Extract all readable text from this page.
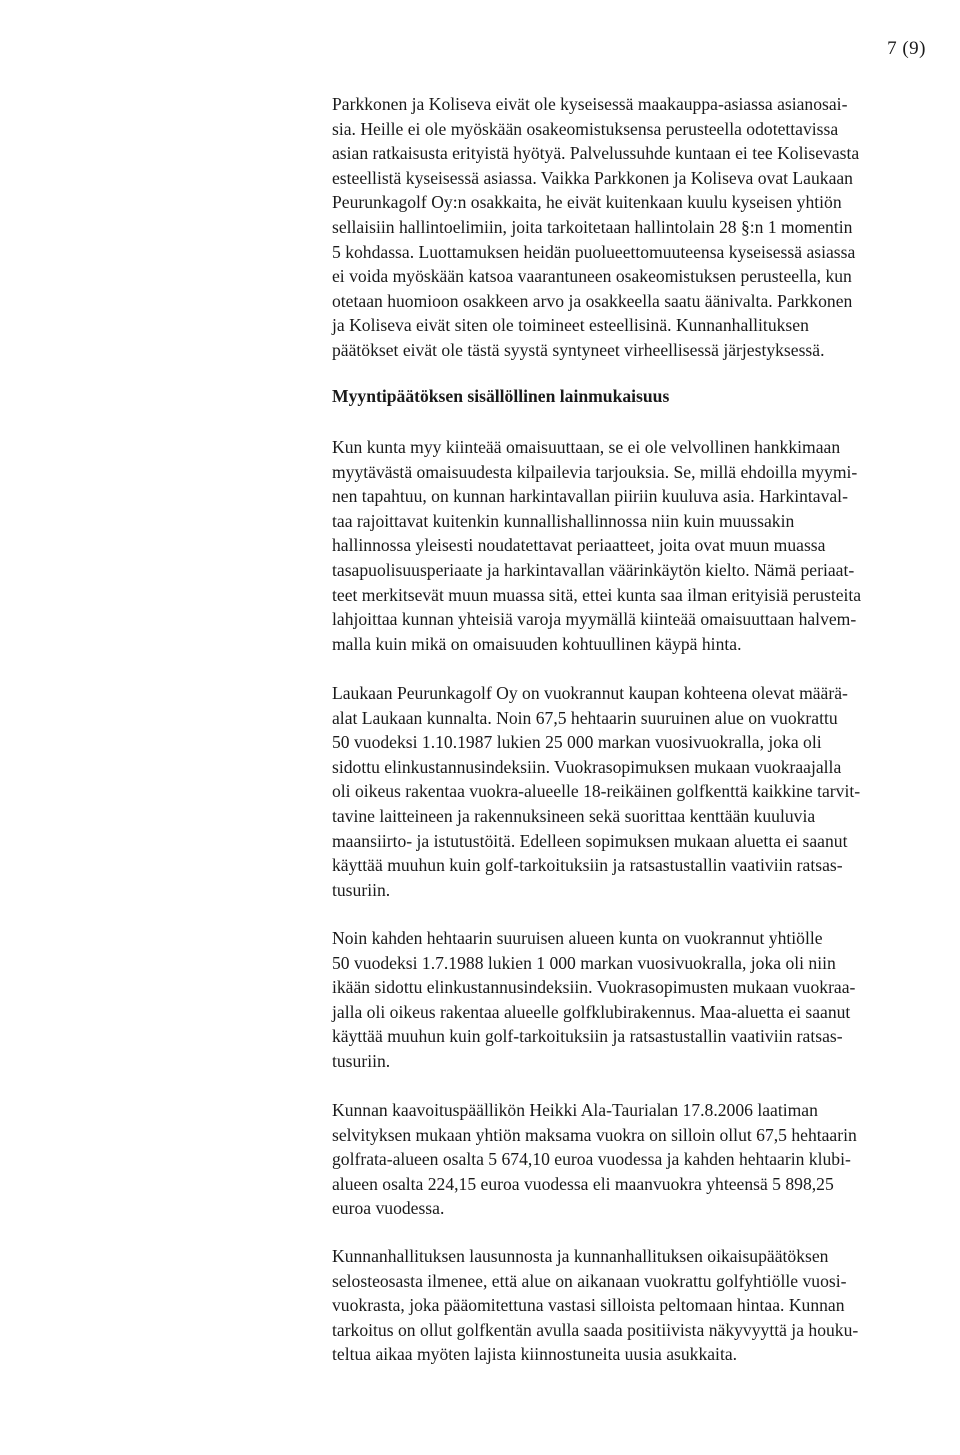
7 (9)

Parkkonen ja Koliseva eivät ole kyseisessä maakauppa-asiassa asianosai-
sia. Heille ei ole myöskään osakeomistuksensa perusteella odotettavissa
asian ratkaisusta erityistä hyötyä. Palvelussuhde kuntaan ei tee Kolisevasta
esteellistä kyseisessä asiassa. Vaikka Parkkonen ja Koliseva ovat Laukaan
Peurunkagolf Oy:n osakkaita, he eivät kuitenkaan kuulu kyseisen yhtiön
sellaisiin hallintoelimiin, joita tarkoitetaan hallintolain 28 §:n 1 momentin
5 kohdassa. Luottamuksen heidän puolueettomuuteensa kyseisessä asiassa
ei voida myöskään katsoa vaarantuneen osakeomistuksen perusteella, kun
otetaan huomioon osakkeen arvo ja osakkeella saatu äänivalta. Parkkonen
ja Koliseva eivät siten ole toimineet esteellisinä. Kunnanhallituksen
päätökset eivät ole tästä syystä syntyneet virheellisessä järjestyksessä.

Myyntipäätöksen sisällöllinen lainmukaisuus

Kun kunta myy kiinteää omaisuuttaan, se ei ole velvollinen hankkimaan
myytävästä omaisuudesta kilpailevia tarjouksia. Se, millä ehdoilla myymi-
nen tapahtuu, on kunnan harkintavallan piiriin kuuluva asia. Harkintaval-
taa rajoittavat kuitenkin kunnallishallinnossa niin kuin muussakin
hallinnossa yleisesti noudatettavat periaatteet, joita ovat muun muassa
tasapuolisuusperiaate ja harkintavallan väärinkäytön kielto. Nämä periaat-
teet merkitsevät muun muassa sitä, ettei kunta saa ilman erityisiä perusteita
lahjoittaa kunnan yhteisiä varoja myymällä kiinteää omaisuuttaan halvem-
malla kuin mikä on omaisuuden kohtuullinen käypä hinta.

Laukaan Peurunkagolf Oy on vuokrannut kaupan kohteena olevat määrä-
alat Laukaan kunnalta. Noin 67,5 hehtaarin suuruinen alue on vuokrattu
50 vuodeksi 1.10.1987 lukien 25 000 markan vuosivuokralla, joka oli
sidottu elinkustannusindeksiin. Vuokrasopimuksen mukaan vuokraajalla
oli oikeus rakentaa vuokra-alueelle 18-reikäinen golfkenttä kaikkine tarvit-
tavine laitteineen ja rakennuksineen sekä suorittaa kenttään kuuluvia
maansiirto- ja istutustöitä. Edelleen sopimuksen mukaan aluetta ei saanut
käyttää muuhun kuin golf-tarkoituksiin ja ratsastustallin vaativiin ratsas-
tusuriin.

Noin kahden hehtaarin suuruisen alueen kunta on vuokrannut yhtiölle
50 vuodeksi 1.7.1988 lukien 1 000 markan vuosivuokralla, joka oli niin
ikään sidottu elinkustannusindeksiin. Vuokrasopimusten mukaan vuokraa-
jalla oli oikeus rakentaa alueelle golfklubirakennus. Maa-aluetta ei saanut
käyttää muuhun kuin golf-tarkoituksiin ja ratsastustallin vaativiin ratsas-
tusuriin.

Kunnan kaavoituspäällikön Heikki Ala-Taurialan 17.8.2006 laatiman
selvityksen mukaan yhtiön maksama vuokra on silloin ollut 67,5 hehtaarin
golfrata-alueen osalta 5 674,10 euroa vuodessa ja kahden hehtaarin klubi-
alueen osalta 224,15 euroa vuodessa eli maanvuokra yhteensä 5 898,25
euroa vuodessa.

Kunnanhallituksen lausunnosta ja kunnanhallituksen oikaisupäätöksen
selosteosasta ilmenee, että alue on aikanaan vuokrattu golfyhtiölle vuosi-
vuokrasta, joka pääomitettuna vastasi silloista peltomaan hintaa. Kunnan
tarkoitus on ollut golfkentän avulla saada positiivista näkyvyyttä ja houku-
teltua aikaa myöten lajista kiinnostuneita uusia asukkaita.
